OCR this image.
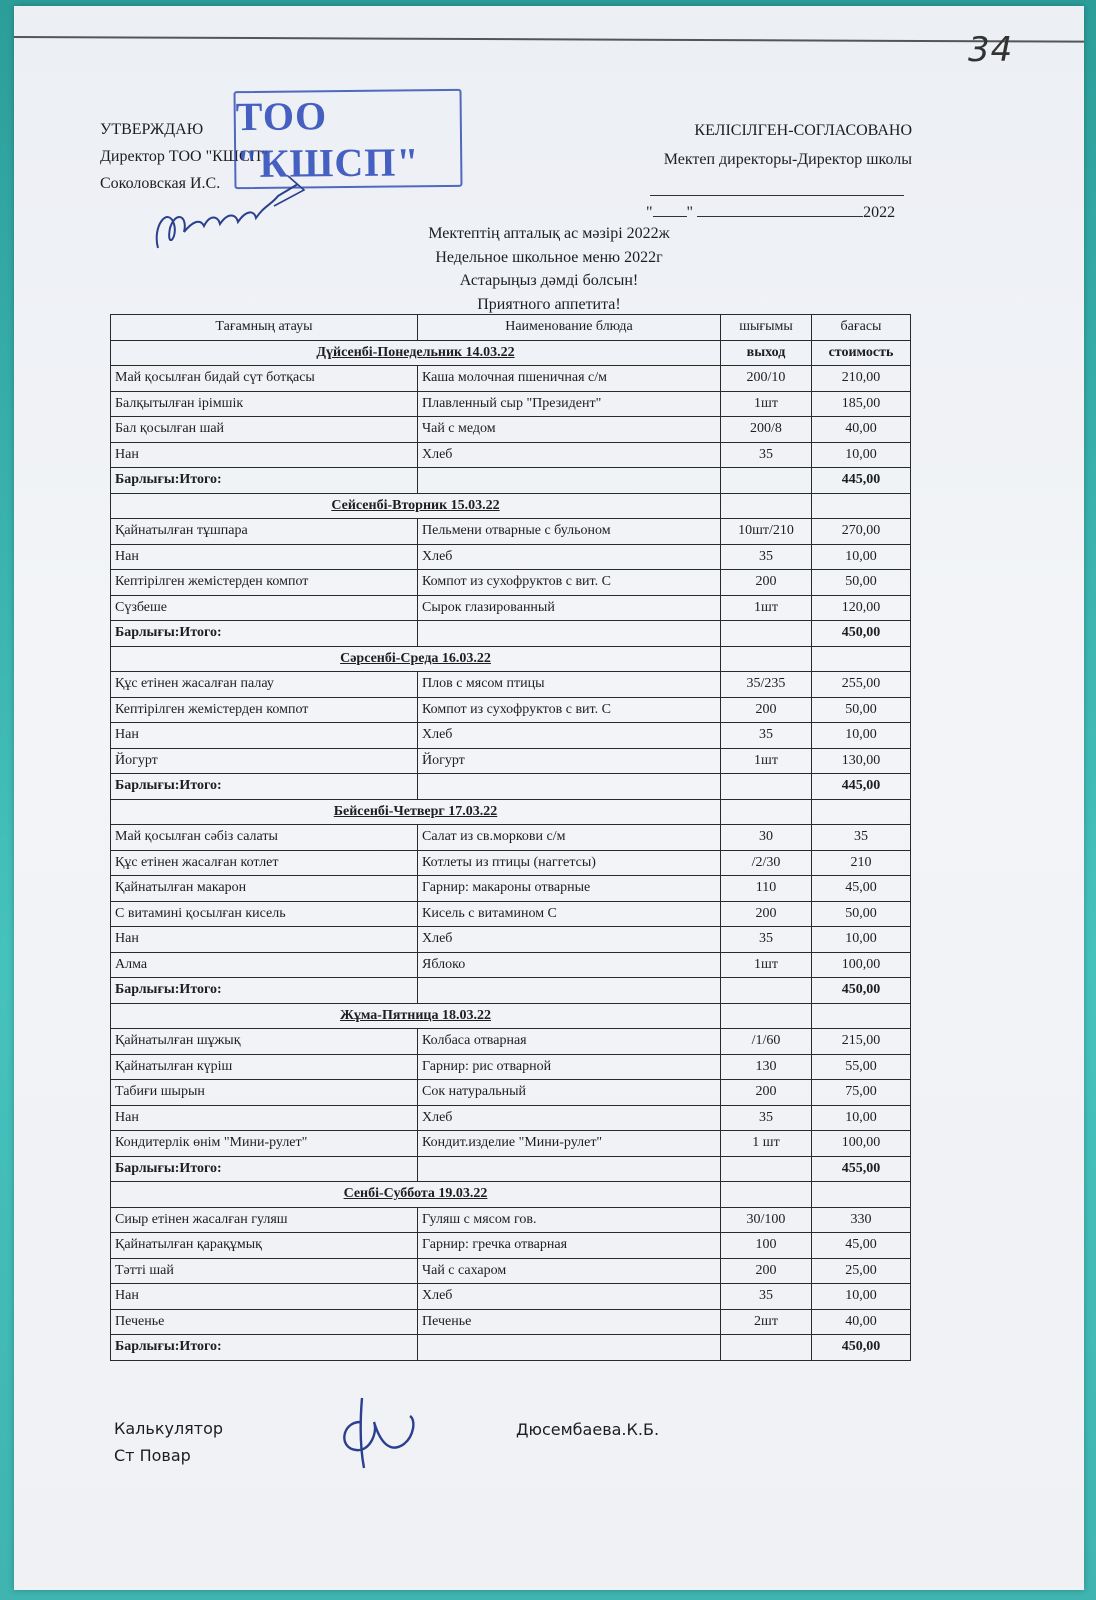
34
УТВЕРЖДАЮ
Директор ТОО "КШСП"
Соколовская И.С.
ТОО "КШСП"
КЕЛІСІЛГЕН-СОГЛАСОВАНО
Мектеп директоры-Директор школы
" "	2022
Мектептің апталық ас мәзірі 2022ж
Недельное школьное меню 2022г
Астарыңыз дәмді болсын!
Приятного аппетита!
Тағамның атауы	Наименование блюда	шығымы	бағасы
Дүйсенбі-Понедельник 14.03.22		выход	стоимость
Май қосылған бидай сүт ботқасы	Каша молочная пшеничная с/м	200/10	210,00
Балқытылған ірімшік	Плавленный сыр "Президент"	1шт	185,00
Бал қосылған шай	Чай с медом	200/8	40,00
Нан	Хлеб	35	10,00
Барлығы:Итого:			445,00
Сейсенбі-Вторник 15.03.22			
Қайнатылған тұшпара	Пельмени отварные с бульоном	10шт/210	270,00
Нан	Хлеб	35	10,00
Кептірілген жемістерден компот	Компот из сухофруктов с вит. С	200	50,00
Сүзбеше	Сырок глазированный	1шт	120,00
Барлығы:Итого:			450,00
Сәрсенбі-Среда 16.03.22			
Құс етінен жасалған палау	Плов с мясом птицы	35/235	255,00
Кептірілген жемістерден компот	Компот из сухофруктов с вит. С	200	50,00
Нан	Хлеб	35	10,00
Йогурт	Йогурт	1шт	130,00
Барлығы:Итого:			445,00
Бейсенбі-Четверг 17.03.22			
Май қосылған сәбіз салаты	Салат из св.моркови с/м	30	35
Құс етінен жасалған котлет	Котлеты из птицы (наггетсы)	/2/30	210
Қайнатылған макарон	Гарнир: макароны отварные	110	45,00
С витамині қосылған кисель	Кисель с витамином С	200	50,00
Нан	Хлеб	35	10,00
Алма	Яблоко	1шт	100,00
Барлығы:Итого:			450,00
Жұма-Пятница 18.03.22			
Қайнатылған шұжық	Колбаса отварная	/1/60	215,00
Қайнатылған күріш	Гарнир: рис отварной	130	55,00
Табиғи шырын	Сок натуральный	200	75,00
Нан	Хлеб	35	10,00
Кондитерлік өнім "Мини-рулет"	Кондит.изделие "Мини-рулет"	1 шт	100,00
Барлығы:Итого:			455,00
Сенбі-Суббота 19.03.22			
Сиыр етінен жасалған гуляш	Гуляш с мясом гов.	30/100	330
Қайнатылған қарақұмық	Гарнир: гречка отварная	100	45,00
Тәтті шай	Чай с сахаром	200	25,00
Нан	Хлеб	35	10,00
Печенье	Печенье	2шт	40,00
Барлығы:Итого:			450,00
Калькулятор
Ст Повар
Дюсембаева.К.Б.
